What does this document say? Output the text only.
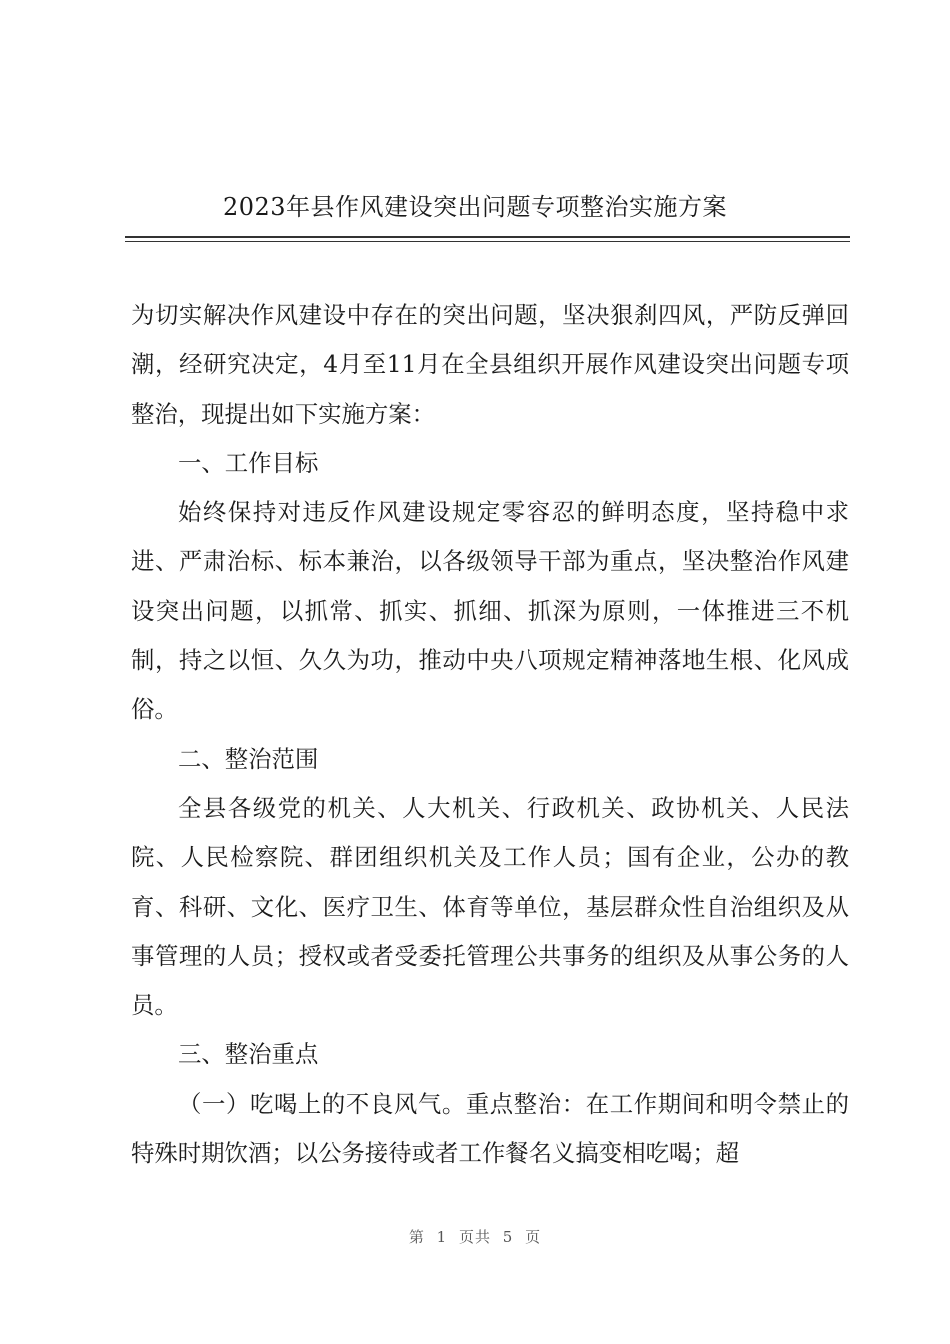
2023年县作风建设突出问题专项整治实施方案

为切实解决作风建设中存在的突出问题，坚决狠刹四风，严防反弹回潮，经研究决定，4月至11月在全县组织开展作风建设突出问题专项整治，现提出如下实施方案：

一、工作目标

始终保持对违反作风建设规定零容忍的鲜明态度，坚持稳中求进、严肃治标、标本兼治，以各级领导干部为重点，坚决整治作风建设突出问题，以抓常、抓实、抓细、抓深为原则，一体推进三不机制，持之以恒、久久为功，推动中央八项规定精神落地生根、化风成俗。

二、整治范围

全县各级党的机关、人大机关、行政机关、政协机关、人民法院、人民检察院、群团组织机关及工作人员；国有企业，公办的教育、科研、文化、医疗卫生、体育等单位，基层群众性自治组织及从事管理的人员；授权或者受委托管理公共事务的组织及从事公务的人员。

三、整治重点

（一）吃喝上的不良风气。重点整治：在工作期间和明令禁止的特殊时期饮酒；以公务接待或者工作餐名义搞变相吃喝；超

第 1 页共 5 页
